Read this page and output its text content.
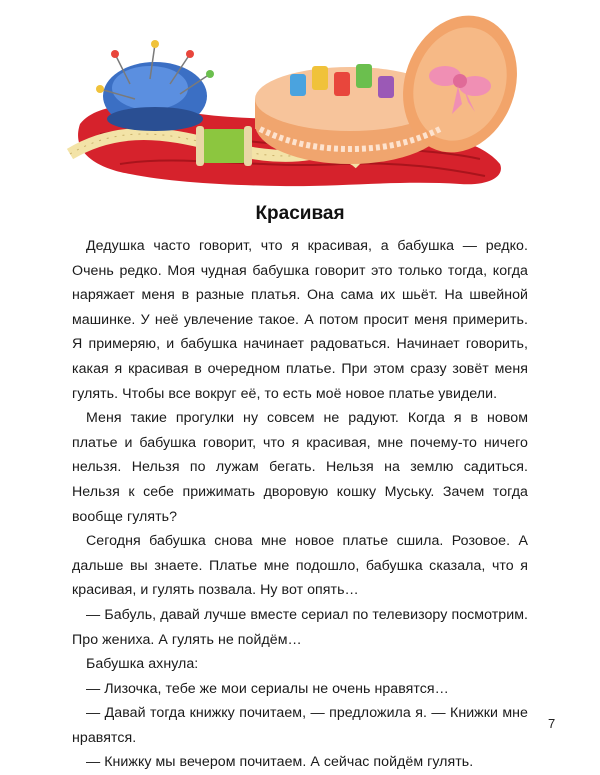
Красивая

Дедушка часто говорит, что я красивая, а бабушка — редко. Очень редко. Моя чудная бабушка говорит это только тогда, когда наряжает меня в разные платья. Она сама их шьёт. На швейной машинке. У неё увлечение такое. А потом просит меня примерить. Я примеряю, и бабушка начинает радоваться. Начинает говорить, какая я красивая в очередном платье. При этом сразу зовёт меня гулять. Чтобы все вокруг её, то есть моё новое платье увидели.

Меня такие прогулки ну совсем не радуют. Когда я в новом платье и бабушка говорит, что я красивая, мне почему-то ничего нельзя. Нельзя по лужам бегать. Нельзя на землю садиться. Нельзя к себе прижимать дворовую кошку Муську. Зачем тогда вообще гулять?

Сегодня бабушка снова мне новое платье сшила. Розовое. А дальше вы знаете. Платье мне подошло, бабушка сказала, что я красивая, и гулять позвала. Ну вот опять…

— Бабуль, давай лучше вместе сериал по телевизору посмотрим. Про жениха. А гулять не пойдём…

Бабушка ахнула:

— Лизочка, тебе же мои сериалы не очень нравятся…

— Давай тогда книжку почитаем, — предложила я. — Книжки мне нравятся.

— Книжку мы вечером почитаем. А сейчас пойдём гулять.

7
